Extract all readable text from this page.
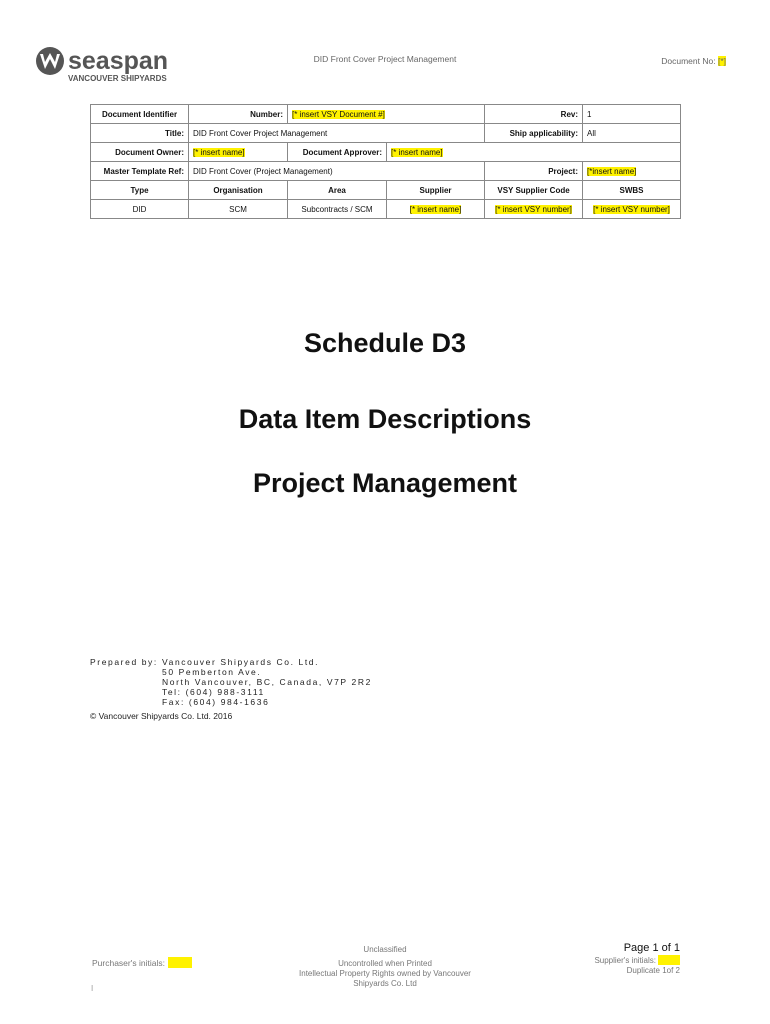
seaspan
VANCOUVER SHIPYARDS
DID Front Cover Project Management	Document No: [*]
Document Identifier	Number:	[* insert VSY Document #]		Rev:	1
Title:	DID Front Cover Project Management			Ship applicability:	All
Document Owner:	[* insert name]	Document Approver:	[* insert name]		
Master Template Ref:	DID Front Cover (Project Management)			Project:	[*insert name]
Type	Organisation	Area	Supplier	VSY Supplier Code	SWBS
DID	SCM	Subcontracts / SCM	[* insert name]	[* insert VSY number]	[* insert VSY number]
Schedule D3
Data Item Descriptions
Project Management
Prepared by: Vancouver Shipyards Co. Ltd.
50 Pemberton Ave.
North Vancouver, BC, Canada, V7P 2R2
Tel: (604) 988-3111
Fax: (604) 984-1636
© Vancouver Shipyards Co. Ltd. 2016
Purchaser's initials:
Unclassified
Uncontrolled when Printed
Intellectual Property Rights owned by Vancouver
Shipyards Co. Ltd
Page 1 of 1
Supplier's initials:
Duplicate 1of 2
I
